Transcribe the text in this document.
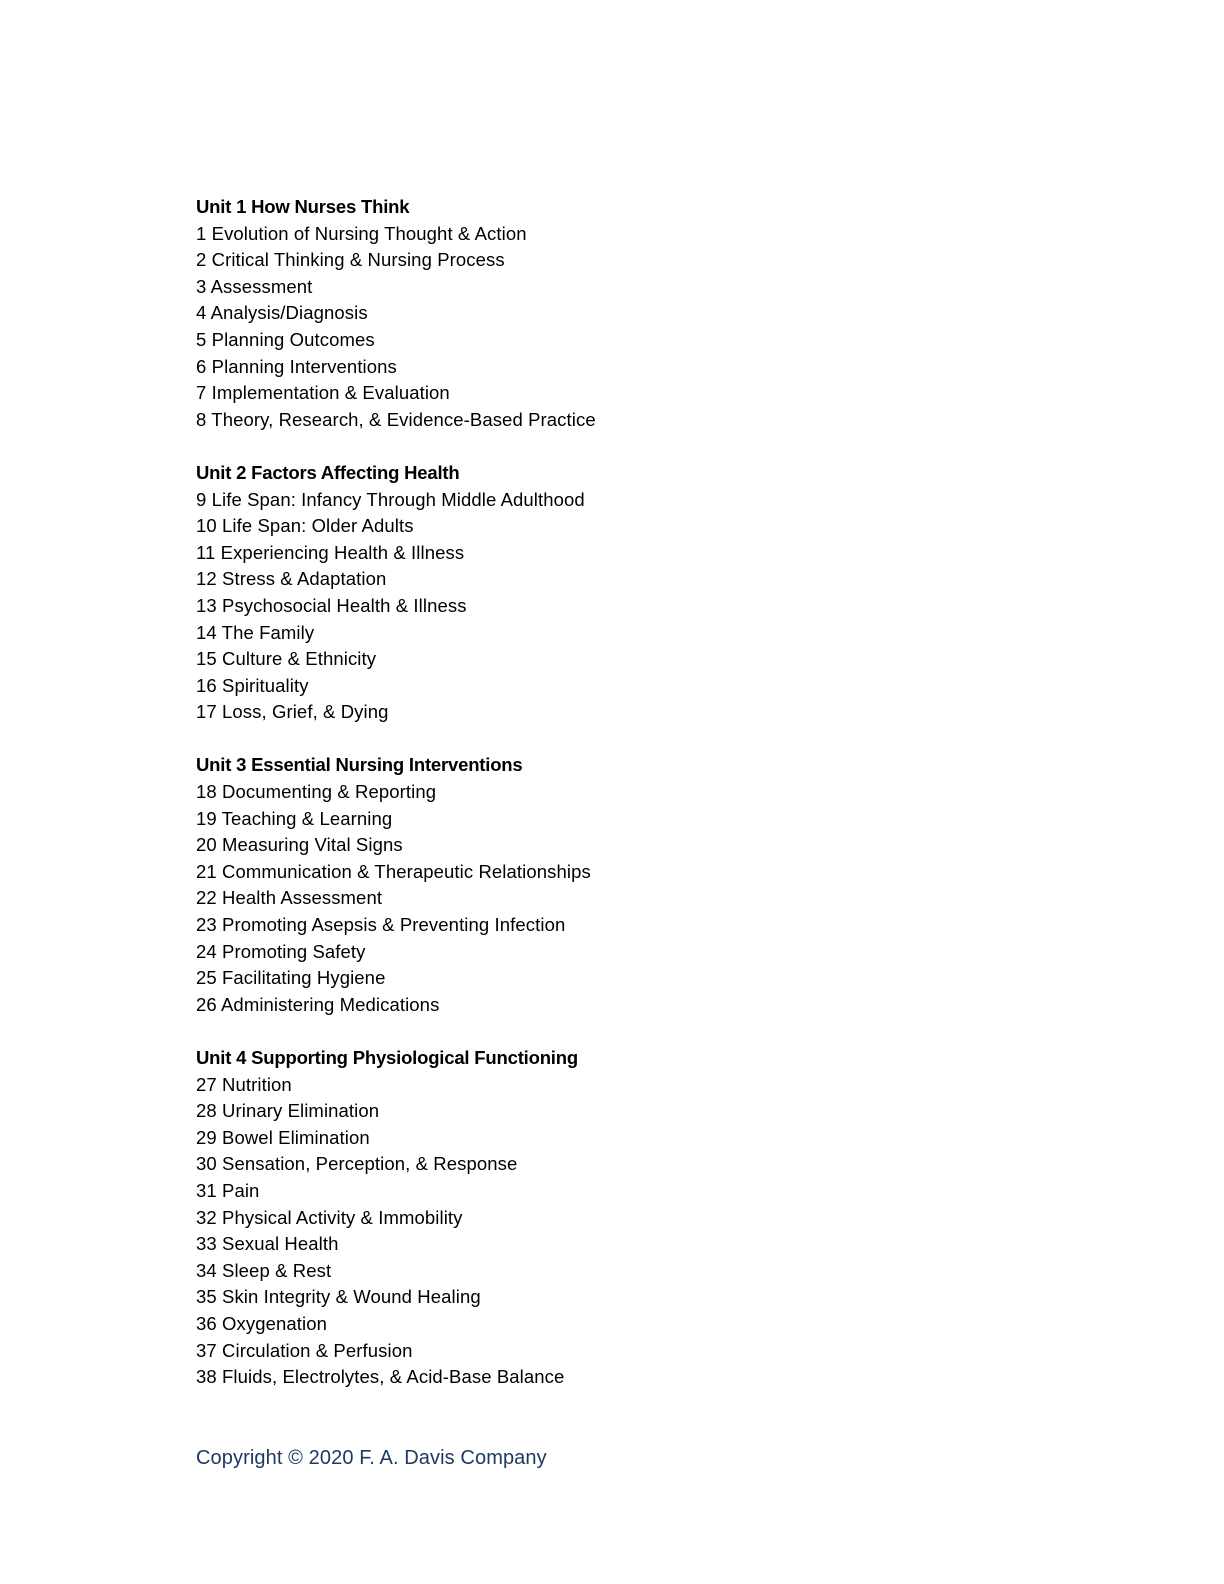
Unit 1 How Nurses Think
1 Evolution of Nursing Thought & Action
2 Critical Thinking & Nursing Process
3 Assessment
4 Analysis/Diagnosis
5 Planning Outcomes
6 Planning Interventions
7 Implementation & Evaluation
8 Theory, Research, & Evidence-Based Practice
Unit 2 Factors Affecting Health
9 Life Span: Infancy Through Middle Adulthood
10 Life Span: Older Adults
11 Experiencing Health & Illness
12 Stress & Adaptation
13 Psychosocial Health & Illness
14 The Family
15 Culture & Ethnicity
16 Spirituality
17 Loss, Grief, & Dying
Unit 3 Essential Nursing Interventions
18 Documenting & Reporting
19 Teaching & Learning
20 Measuring Vital Signs
21 Communication & Therapeutic Relationships
22 Health Assessment
23 Promoting Asepsis & Preventing Infection
24 Promoting Safety
25 Facilitating Hygiene
26 Administering Medications
Unit 4 Supporting Physiological Functioning
27 Nutrition
28 Urinary Elimination
29 Bowel Elimination
30 Sensation, Perception, & Response
31 Pain
32 Physical Activity & Immobility
33 Sexual Health
34 Sleep & Rest
35 Skin Integrity & Wound Healing
36 Oxygenation
37 Circulation & Perfusion
38 Fluids, Electrolytes, & Acid-Base Balance
Copyright © 2020 F. A. Davis Company
